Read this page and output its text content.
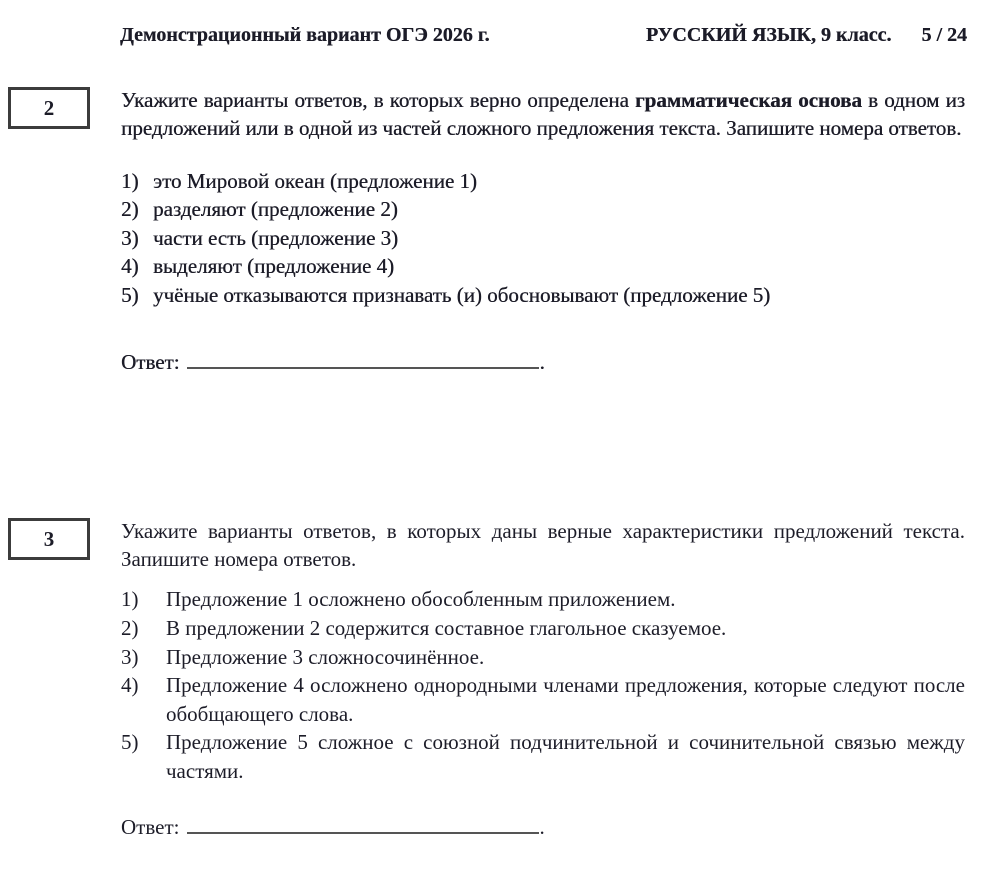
Демонстрационный вариант ОГЭ 2026 г.	РУССКИЙ ЯЗЫК, 9 класс. 5 / 24
2	Укажите варианты ответов, в которых верно определена грамматическая основа в одном из предложений или в одной из частей сложного предложения текста. Запишите номера ответов.

1) это Мировой океан (предложение 1)
2) разделяют (предложение 2)
3) части есть (предложение 3)
4) выделяют (предложение 4)
5) учёные отказываются признавать (и) обосновывают (предложение 5)
Ответ:	.
3	Укажите варианты ответов, в которых даны верные характеристики предложений текста. Запишите номера ответов.

1)	Предложение 1 осложнено обособленным приложением.
2)	В предложении 2 содержится составное глагольное сказуемое.
3)	Предложение 3 сложносочинённое.
4)	Предложение 4 осложнено однородными членами предложения, которые следуют после обобщающего слова.
5)	Предложение 5 сложное с союзной подчинительной и сочинительной связью между частями.
Ответ:	.
